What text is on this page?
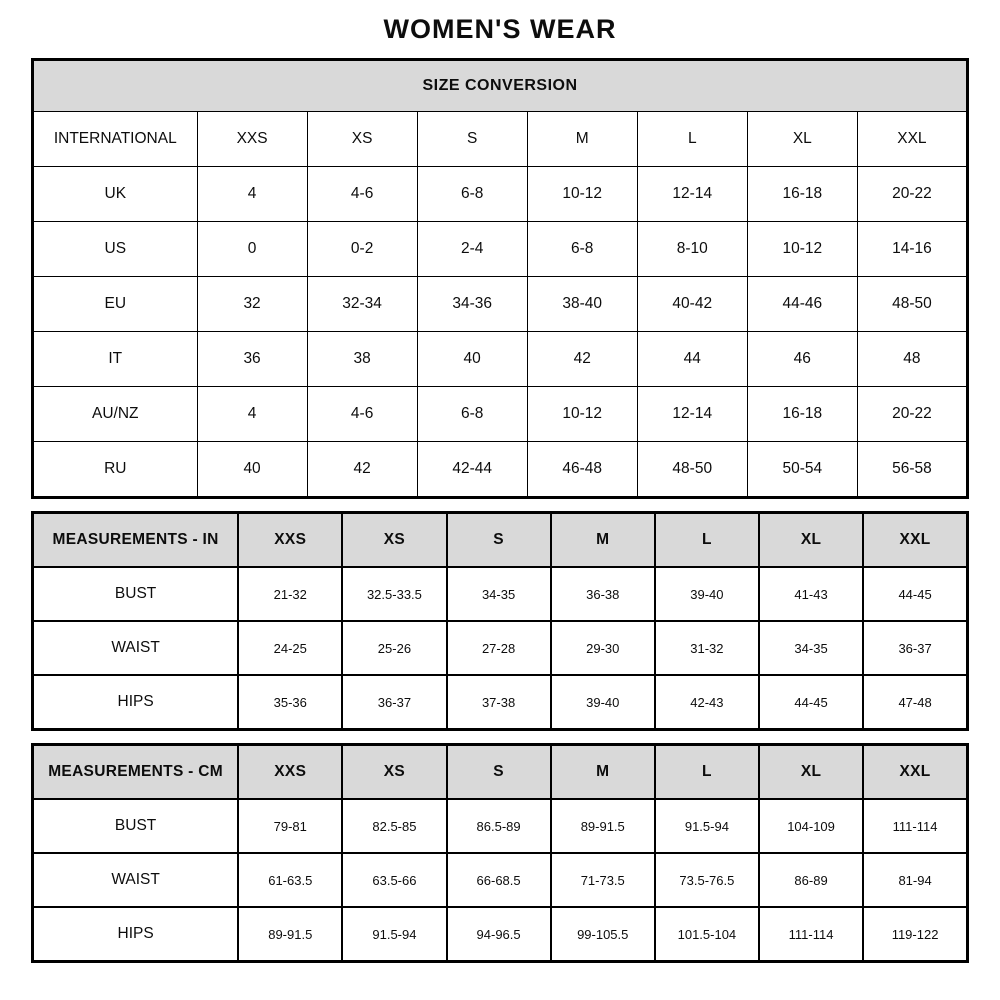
WOMEN'S WEAR
SIZE CONVERSION							
INTERNATIONAL	XXS	XS	S	M	L	XL	XXL
UK	4	4-6	6-8	10-12	12-14	16-18	20-22
US	0	0-2	2-4	6-8	8-10	10-12	14-16
EU	32	32-34	34-36	38-40	40-42	44-46	48-50
IT	36	38	40	42	44	46	48
AU/NZ	4	4-6	6-8	10-12	12-14	16-18	20-22
RU	40	42	42-44	46-48	48-50	50-54	56-58
MEASUREMENTS - IN	XXS	XS	S	M	L	XL	XXL
BUST	21-32	32.5-33.5	34-35	36-38	39-40	41-43	44-45
WAIST	24-25	25-26	27-28	29-30	31-32	34-35	36-37
HIPS	35-36	36-37	37-38	39-40	42-43	44-45	47-48
MEASUREMENTS - CM	XXS	XS	S	M	L	XL	XXL
BUST	79-81	82.5-85	86.5-89	89-91.5	91.5-94	104-109	111-114
WAIST	61-63.5	63.5-66	66-68.5	71-73.5	73.5-76.5	86-89	81-94
HIPS	89-91.5	91.5-94	94-96.5	99-105.5	101.5-104	111-114	119-122
